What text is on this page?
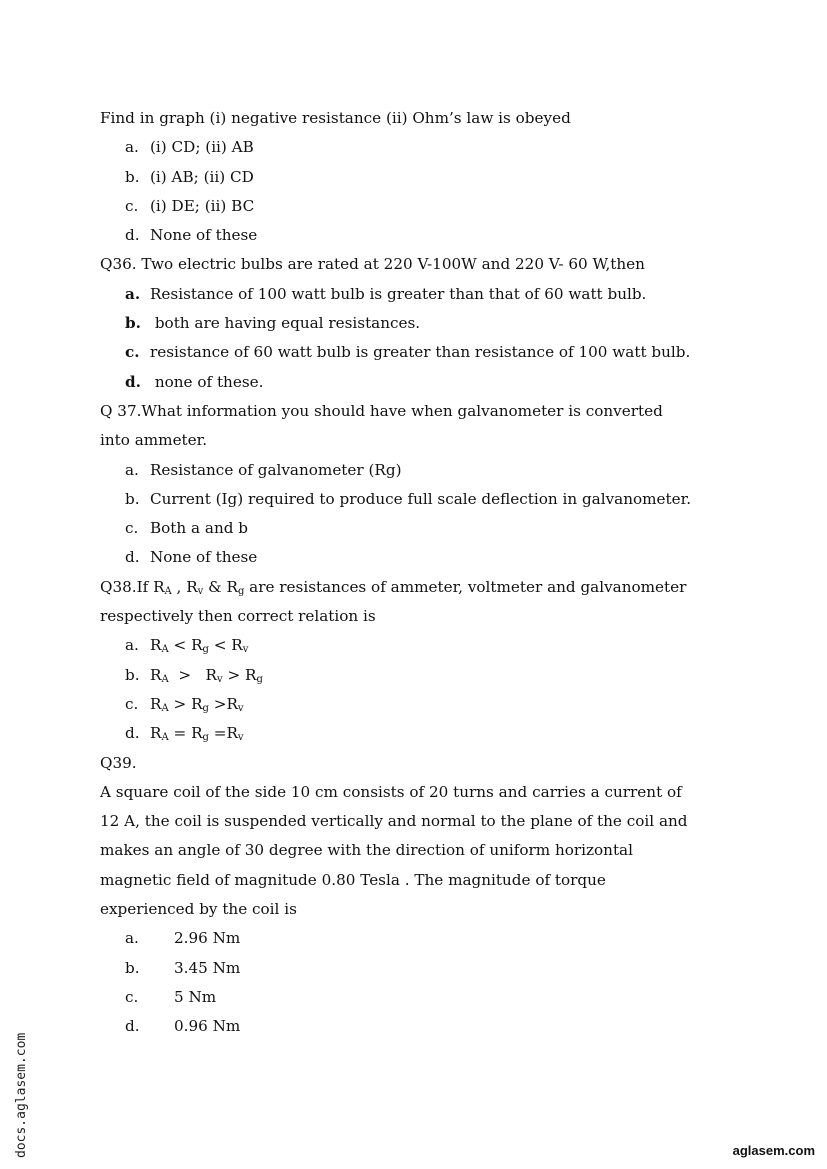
Find in graph (i) negative resistance (ii) Ohm’s law is obeyed
a. (i) CD; (ii) AB
b. (i) AB; (ii) CD
c. (i) DE; (ii) BC
d. None of these
Q36. Two electric bulbs are rated at 220 V-100W and 220 V- 60 W,then
a. Resistance of 100 watt bulb is greater than that of 60 watt bulb.
b. both are having equal resistances.
c. resistance of 60 watt bulb is greater than resistance of 100 watt bulb.
d. none of these.
Q 37.What information you should have when galvanometer is converted
into ammeter.
a. Resistance of galvanometer (Rg)
b. Current (Ig) required to produce full scale deflection in galvanometer.
c. Both a and b
d. None of these
Q38.If $R_A$ , $R_v$ & $R_g$ are resistances of ammeter, voltmeter and galvanometer
respectively then correct relation is
a. $R_A < R_g < R_v$
b. $R_A > R_v > R_g$
c. $R_A > R_g >R_v$
d. $R_A = R_g =R_v$
Q39.
A square coil of the side 10 cm consists of 20 turns and carries a current of
12 A, the coil is suspended vertically and normal to the plane of the coil and
makes an angle of 30 degree with the direction of uniform horizontal
magnetic field of magnitude 0.80 Tesla . The magnitude of torque
experienced by the coil is
a. 2.96 Nm
b. 3.45 Nm
c. 5 Nm
d. 0.96 Nm
docs.aglasem.com	aglasem.com
